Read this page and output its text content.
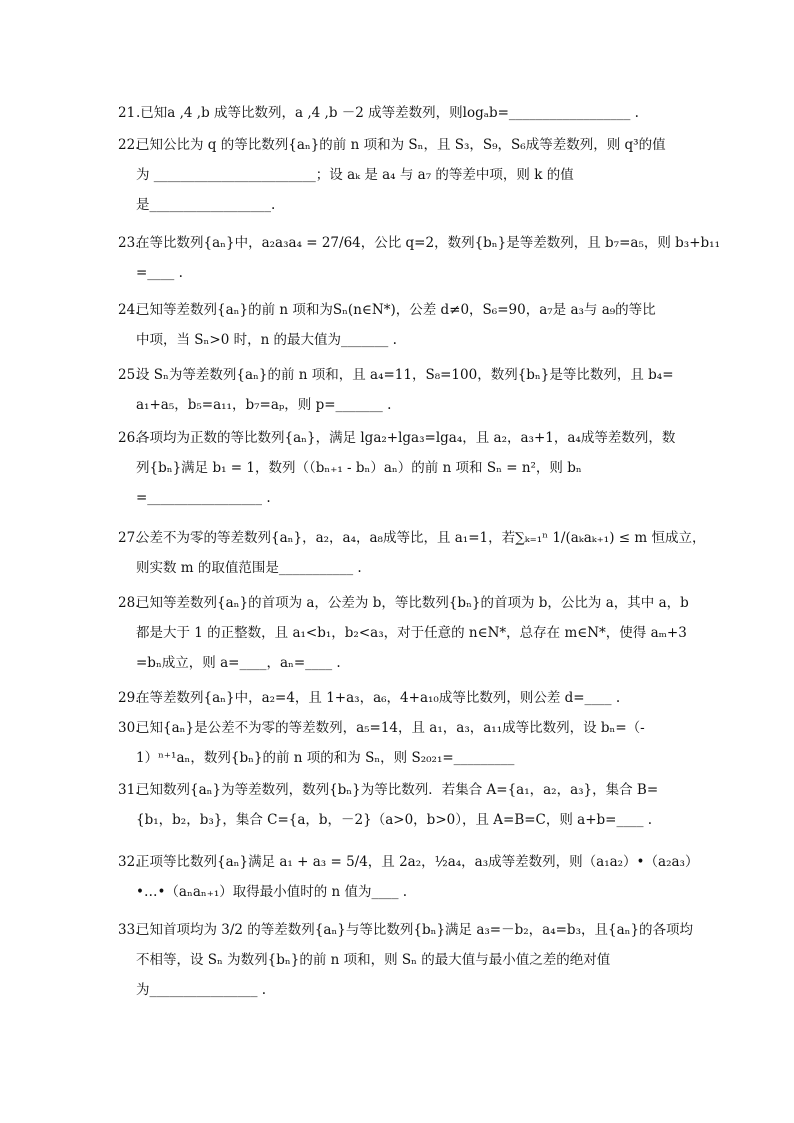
21 .已知a ,4 ,b 成等比数列，a ,4 ,b －2 成等差数列，则logₐb=__________________ .
22.
已知公比为 q 的等比数列{aₙ}的前 n 项和为 Sₙ，且 S₃，S₉，S₆成等差数列，则 q³的值
为 ________________________；设 aₖ 是 a₄ 与 a₇ 的等差中项，则 k 的值
是__________________.
23.
在等比数列{aₙ}中，a₂a₃a₄ = 27/64，公比 q=2，数列{bₙ}是等差数列，且 b₇=a₅，则 b₃+b₁₁
=____ .
24.
已知等差数列{aₙ}的前 n 项和为Sₙ(n∈N*)，公差 d≠0，S₆=90，a₇是 a₃与 a₉的等比
中项，当 Sₙ>0 时，n 的最大值为_______ .
25.
设 Sₙ为等差数列{aₙ}的前 n 项和，且 a₄=11，S₈=100，数列{bₙ}是等比数列，且 b₄=
a₁+a₅，b₅=a₁₁，b₇=aₚ，则 p=_______ .
26.
各项均为正数的等比数列{aₙ}，满足 lga₂+lga₃=lga₄，且 a₂，a₃+1，a₄成等差数列，数
列{bₙ}满足 b₁ = 1，数列（（bₙ₊₁ - bₙ）aₙ）的前 n 项和 Sₙ = n²，则 bₙ
=_________________ .
27.
公差不为零的等差数列{aₙ}，a₂，a₄，a₈成等比，且 a₁=1，若∑ₖ₌₁ⁿ 1/(aₖaₖ₊₁) ≤ m 恒成立，
则实数 m 的取值范围是___________ .
28.
已知等差数列{aₙ}的首项为 a，公差为 b，等比数列{bₙ}的首项为 b，公比为 a，其中 a，b
都是大于 1 的正整数，且 a₁<b₁，b₂<a₃，对于任意的 n∈N*，总存在 m∈N*，使得 aₘ+3
=bₙ成立，则 a=____，aₙ=____ .
29.
在等差数列{aₙ}中，a₂=4，且 1+a₃，a₆，4+a₁₀成等比数列，则公差 d=____ .
30.
已知{aₙ}是公差不为零的等差数列，a₅=14，且 a₁，a₃，a₁₁成等比数列，设 bₙ=（-
1）ⁿ⁺¹aₙ，数列{bₙ}的前 n 项的和为 Sₙ，则 S₂₀₂₁=_________
31.
已知数列{aₙ}为等差数列，数列{bₙ}为等比数列．若集合 A={a₁，a₂，a₃}，集合 B=
{b₁，b₂，b₃}，集合 C={a，b，－2}（a>0，b>0），且 A=B=C，则 a+b=____ .
32.
正项等比数列{aₙ}满足 a₁ + a₃ = 5/4，且 2a₂，½a₄，a₃成等差数列，则（a₁a₂）•（a₂a₃）
•…•（aₙaₙ₊₁）取得最小值时的 n 值为____ .
33.
已知首项均为 3/2 的等差数列{aₙ}与等比数列{bₙ}满足 a₃=－b₂，a₄=b₃，且{aₙ}的各项均
不相等，设 Sₙ 为数列{bₙ}的前 n 项和，则 Sₙ 的最大值与最小值之差的绝对值
为________________ .
